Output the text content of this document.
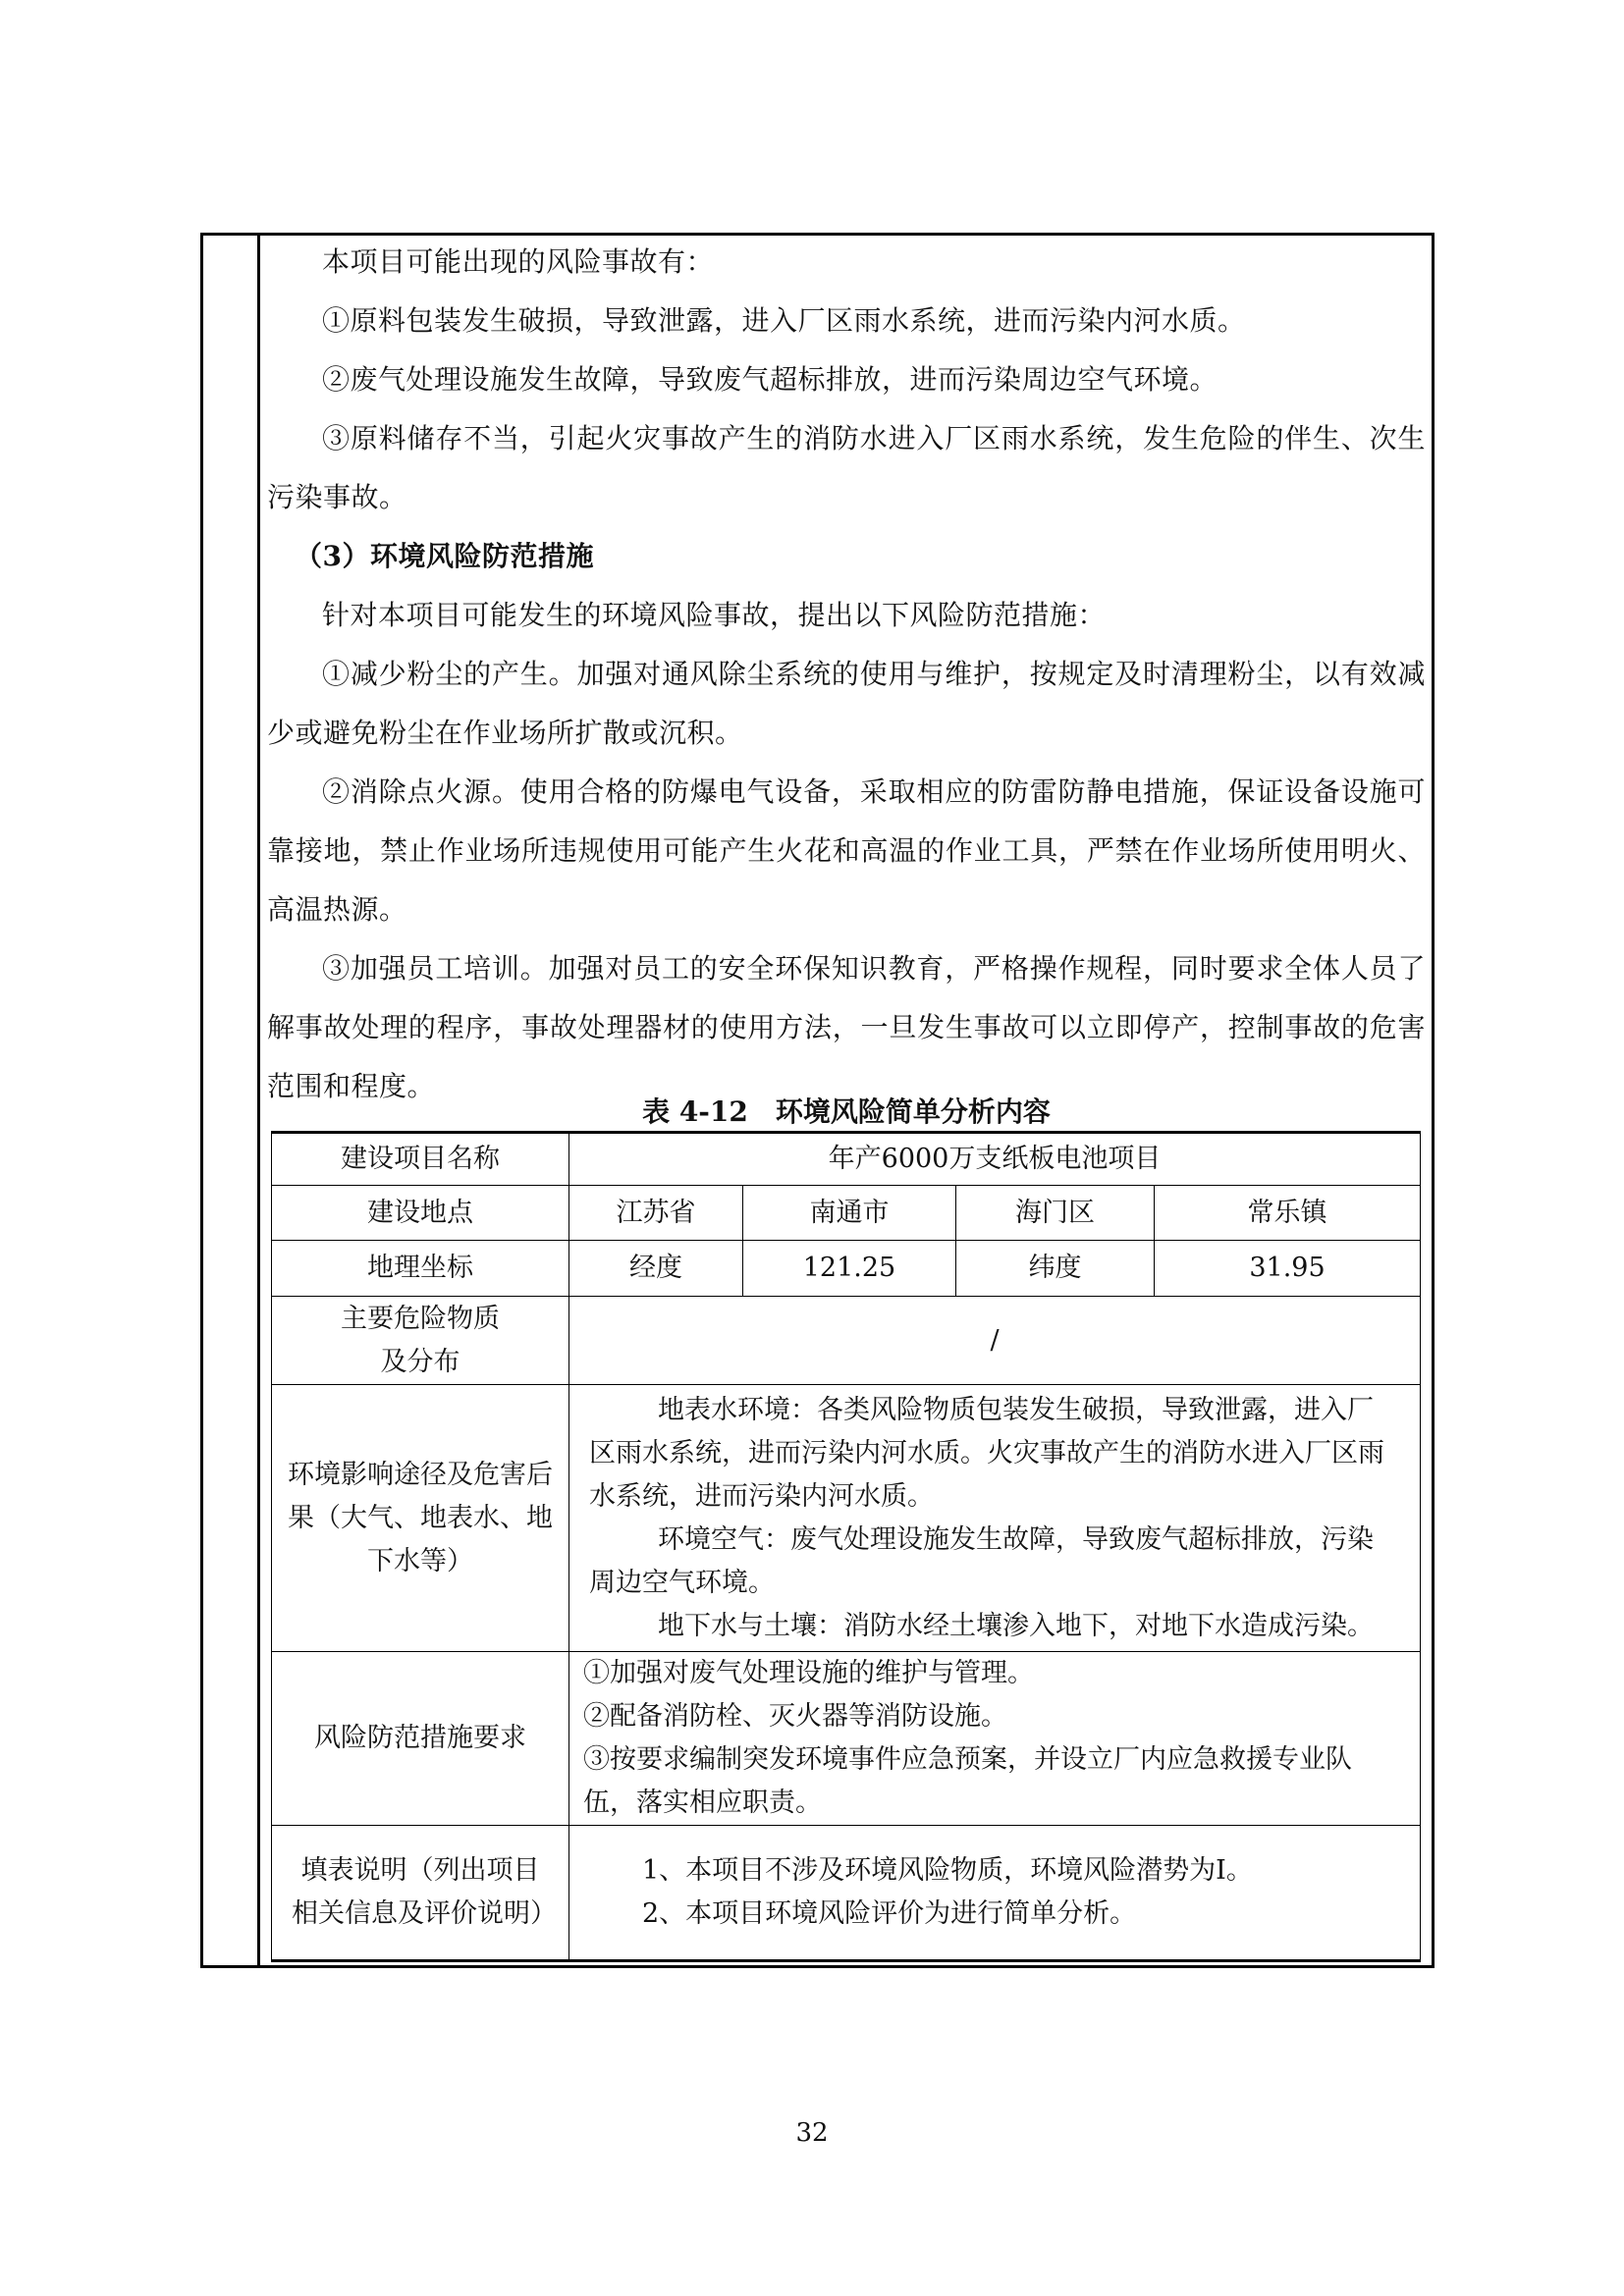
本项目可能出现的风险事故有：

①原料包装发生破损，导致泄露，进入厂区雨水系统，进而污染内河水质。

②废气处理设施发生故障，导致废气超标排放，进而污染周边空气环境。

③原料储存不当，引起火灾事故产生的消防水进入厂区雨水系统，发生危险的伴生、次生污染事故。

（3）环境风险防范措施

针对本项目可能发生的环境风险事故，提出以下风险防范措施：

①减少粉尘的产生。加强对通风除尘系统的使用与维护，按规定及时清理粉尘，以有效减少或避免粉尘在作业场所扩散或沉积。

②消除点火源。使用合格的防爆电气设备，采取相应的防雷防静电措施，保证设备设施可靠接地，禁止作业场所违规使用可能产生火花和高温的作业工具，严禁在作业场所使用明火、高温热源。

③加强员工培训。加强对员工的安全环保知识教育，严格操作规程，同时要求全体人员了解事故处理的程序，事故处理器材的使用方法，一旦发生事故可以立即停产，控制事故的危害范围和程度。

表 4-12　环境风险简单分析内容
建设项目名称	年产6000万支纸板电池项目			
建设地点	江苏省	南通市	海门区	常乐镇
地理坐标	经度	121.25	纬度	31.95

主要危险物质
及分布	/			
环境影响途径及危害后果（大气、地表水、地下水等）	地表水环境：各类风险物质包装发生破损，导致泄露，进入厂区雨水系统，进而污染内河水质。火灾事故产生的消防水进入厂区雨水系统，进而污染内河水质。

环境空气：废气处理设施发生故障，导致废气超标排放，污染周边空气环境。

地下水与土壤：消防水经土壤渗入地下，对地下水造成污染。			

风险防范措施要求	①加强对废气处理设施的维护与管理。

②配备消防栓、灭火器等消防设施。

③按要求编制突发环境事件应急预案，并设立厂内应急救援专业队伍，落实相应职责。			

填表说明（列出项目相关信息及评价说明）	1、本项目不涉及环境风险物质，环境风险潜势为Ⅰ。

2、本项目环境风险评价为进行简单分析。			

32
